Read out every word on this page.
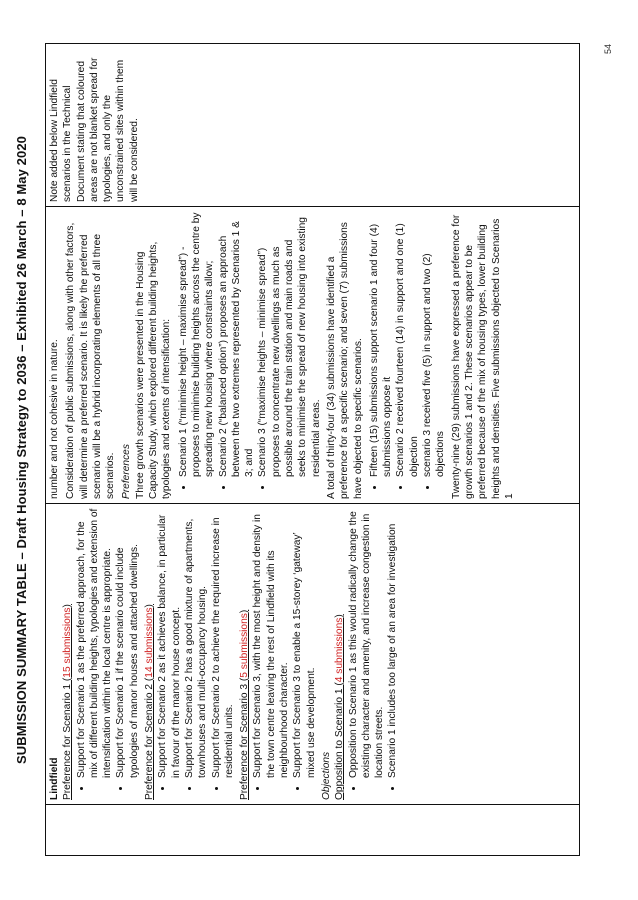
SUBMISSION SUMMARY TABLE – Draft Housing Strategy to 2036 – Exhibited 26 March – 8 May 2020

Lindfield Preference for Scenario 1 (15 submissions) • Support for Scenario 1 as the preferred approach, for the mix of different building heights, typologies and extension of intensification within the local centre is appropriate. • Support for Scenario 1 if the scenario could include typologies of manor houses and attached dwellings. Preference for Scenario 2 (14 submissions) • Support for Scenario 2 as it achieves balance, in particular in favour of the manor house concept. • Support for Scenario 2 has a good mixture of apartments, townhouses and multi-occupancy housing. • Support for Scenario 2 to achieve the required increase in residential units. Preference for Scenario 3 (5 submissions) • Support for Scenario 3, with the most height and density in the town centre leaving the rest of Lindfield with its neighbourhood character. • Support for Scenario 3 to enable a 15-storey ‘gateway’ mixed use development. Objections Opposition to Scenario 1 (4 submissions) • Opposition to Scenario 1 as this would radically change the existing character and amenity, and increase congestion in location streets. • Scenario 1 includes too large of an area for investigation

number and not cohesive in nature. Consideration of public submissions, along with other factors, will determine a preferred scenario. It is likely the preferred scenario will be a hybrid incorporating elements of all three scenarios. Preferences Three growth scenarios were presented in the Housing Capacity Study, which explored different building heights, typologies and extents of intensification: • Scenario 1 (“minimise height – maximise spread”) - proposes to minimise building heights across the centre by spreading new housing where constraints allow; • Scenario 2 (“balanced option”) proposes an approach between the two extremes represented by Scenarios 1 & 3; and • Scenario 3 (“maximise heights – minimise spread”) proposes to concentrate new dwellings as much as possible around the train station and main roads and seeks to minimise the spread of new housing into existing residential areas. A total of thirty-four (34) submissions have identified a preference for a specific scenario; and seven (7) submissions have objected to specific scenarios. • Fifteen (15) submissions support scenario 1 and four (4) submissions oppose it • Scenario 2 received fourteen (14) in support and one (1) objection • scenario 3 received five (5) in support and two (2) objections Twenty-nine (29) submissions have expressed a preference for growth scenarios 1 and 2. These scenarios appear to be preferred because of the mix of housing types, lower building heights and densities. Five submissions objected to Scenarios 1

Note added below Lindfield scenarios in the Technical Document stating that coloured areas are not blanket spread for typologies, and only the unconstrained sites within them will be considered.
54
